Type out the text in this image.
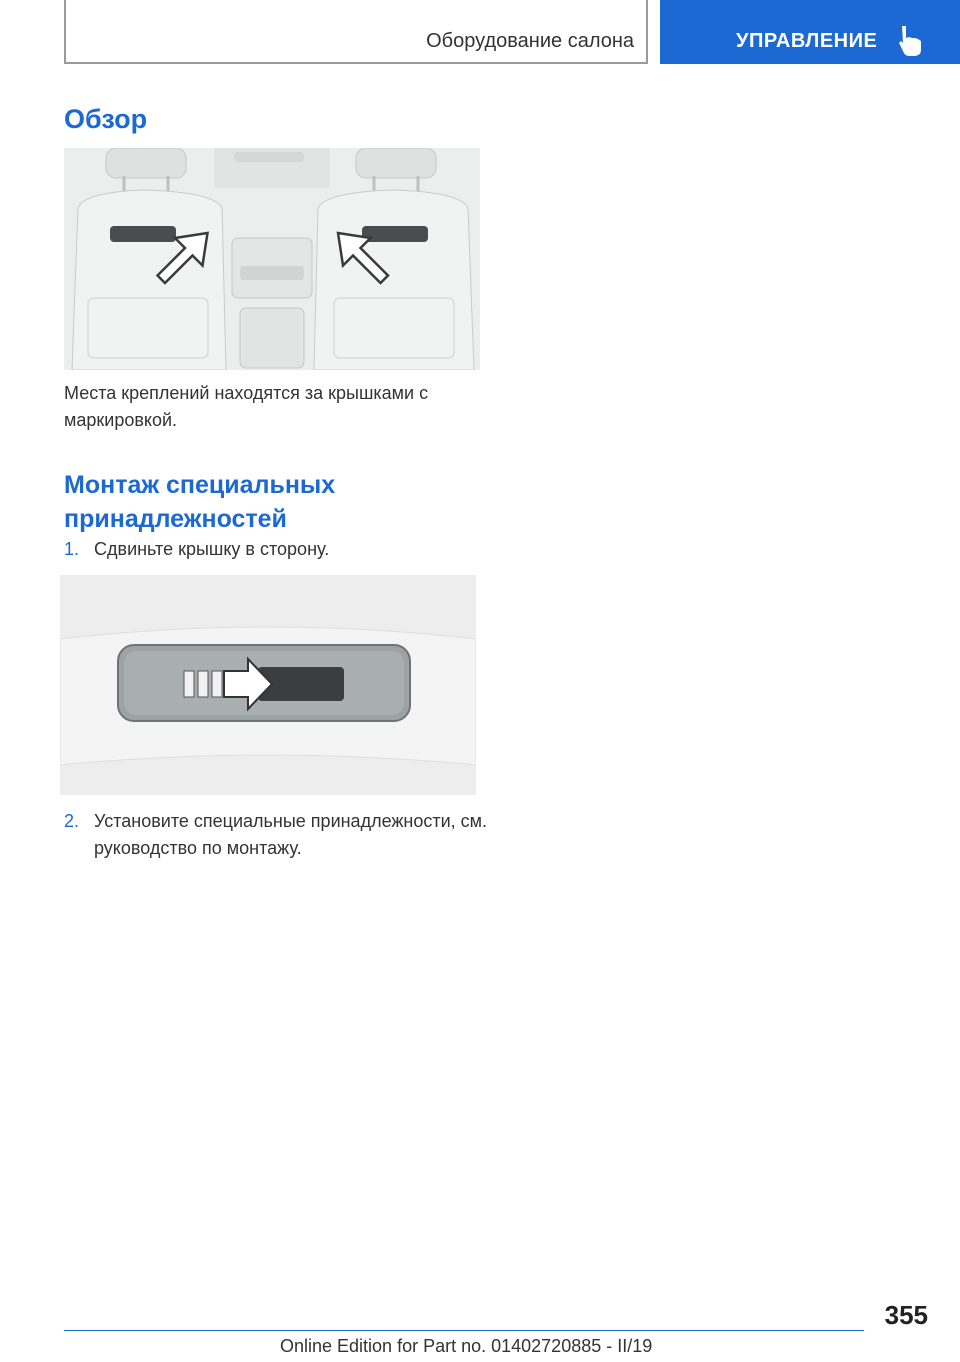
Оборудование салона	УПРАВЛЕНИЕ
Обзор
Места креплений находятся за крышками с маркировкой.
Монтаж специальных принадлежностей
1. Сдвиньте крышку в сторону.
2. Установите специальные принадлежности, см. руководство по монтажу.
355
Online Edition for Part no. 01402720885 - II/19
